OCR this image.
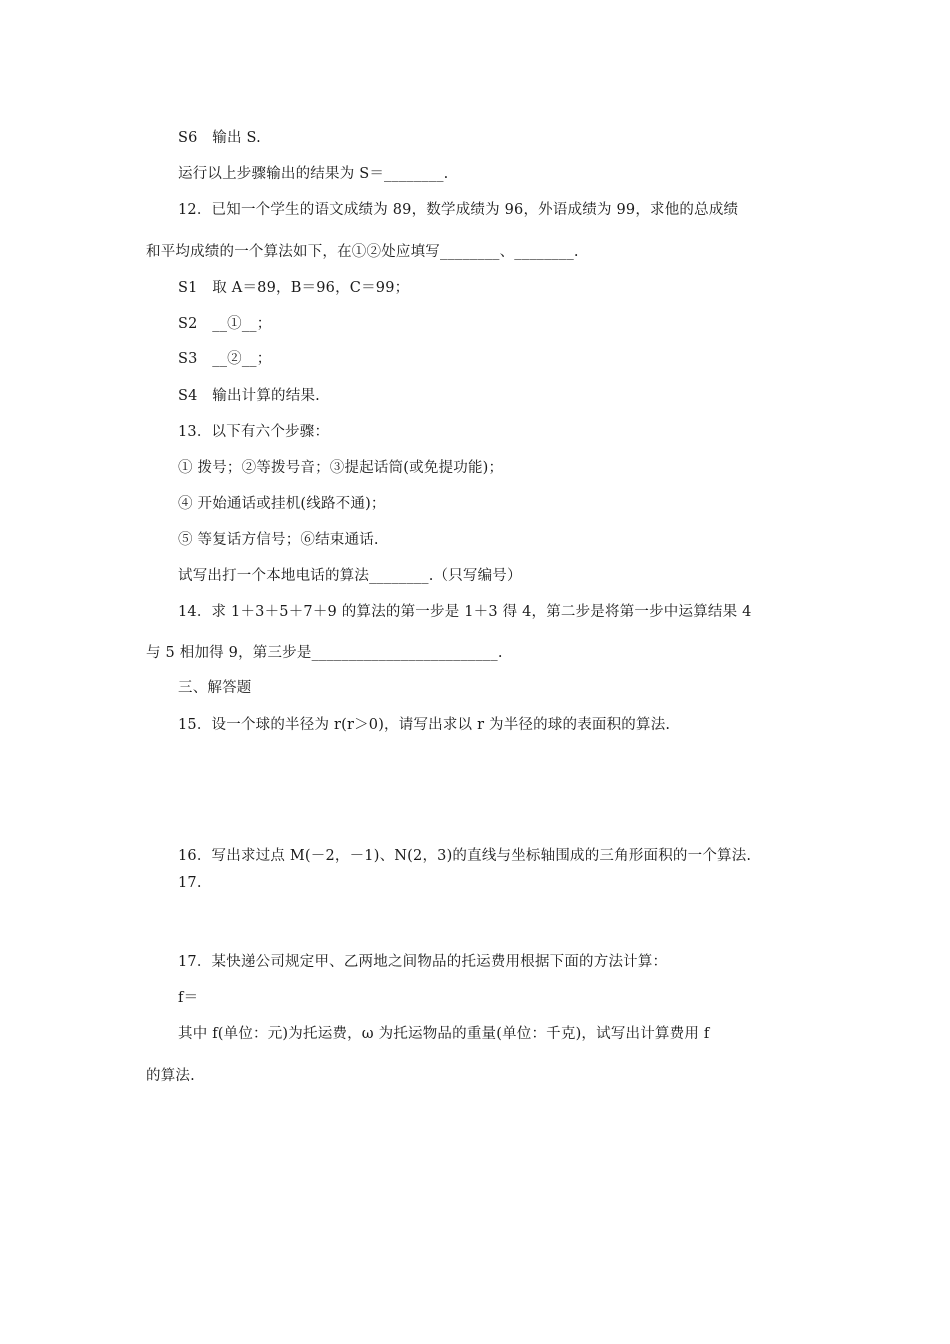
S6　输出 S.
运行以上步骤输出的结果为 S＝________.
12．已知一个学生的语文成绩为 89，数学成绩为 96，外语成绩为 99，求他的总成绩
和平均成绩的一个算法如下，在①②处应填写________、________.
S1　取 A＝89，B＝96，C＝99；
S2　__①__；
S3　__②__；
S4　输出计算的结果.
13．以下有六个步骤：
① 拨号；②等拨号音；③提起话筒(或免提功能)；
④ 开始通话或挂机(线路不通)；
⑤ 等复话方信号；⑥结束通话.
试写出打一个本地电话的算法________.（只写编号）
14．求 1＋3＋5＋7＋9 的算法的第一步是 1＋3 得 4，第二步是将第一步中运算结果 4
与 5 相加得 9，第三步是_________________________.
三、解答题
15．设一个球的半径为 r(r＞0)，请写出求以 r 为半径的球的表面积的算法.
16．写出求过点 M(－2，－1)、N(2，3)的直线与坐标轴围成的三角形面积的一个算法.
17.
17．某快递公司规定甲、乙两地之间物品的托运费用根据下面的方法计算：
f＝
其中 f(单位：元)为托运费，ω 为托运物品的重量(单位：千克)，试写出计算费用 f
的算法.
